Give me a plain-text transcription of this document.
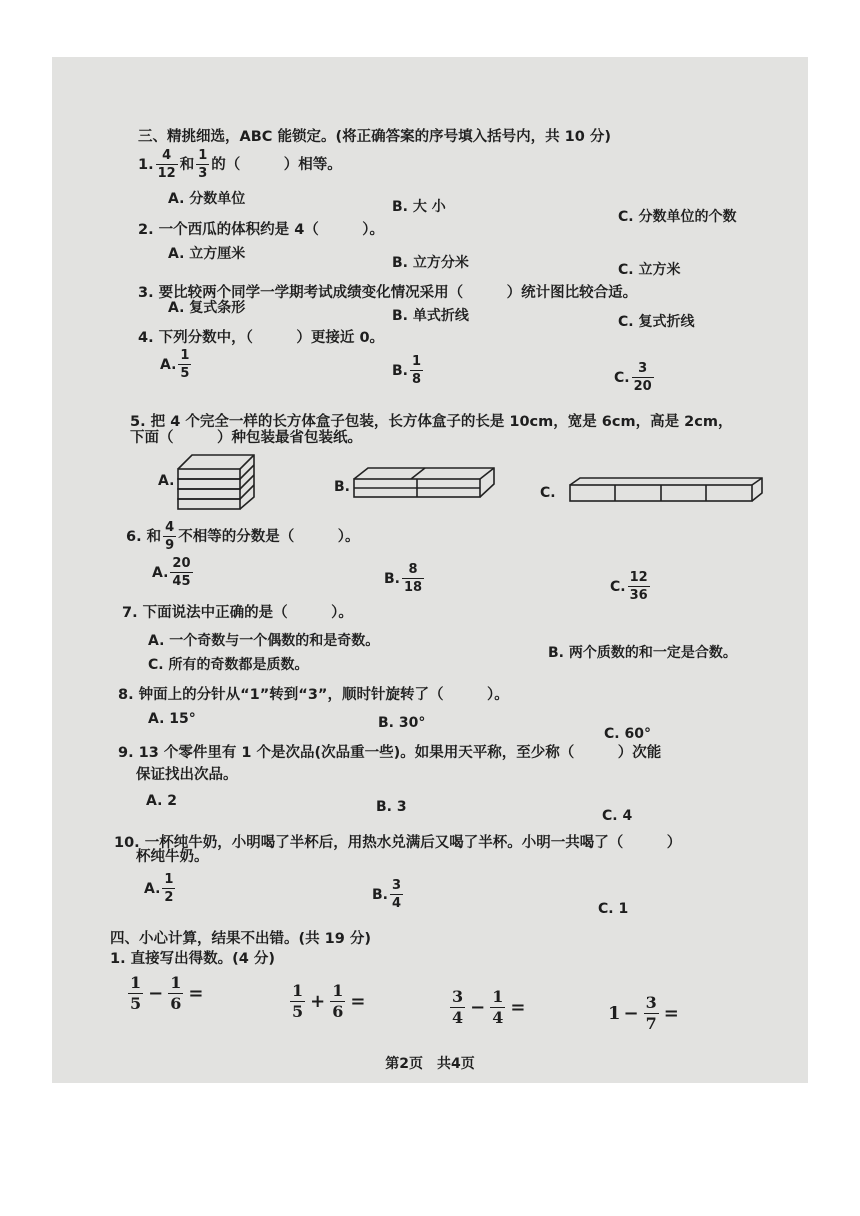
三、精挑细选，ABC 能锁定。(将正确答案的序号填入括号内，共 10 分)
1. $\frac{4}{12}$ 和 $\frac{1}{3}$ 的（　　　）相等。
A. 分数单位	B. 大 小
C. 分数单位的个数
2. 一个西瓜的体积约是 4（　　　）。
A. 立方厘米
B. 立方分米	C. 立方米
3. 要比较两个同学一学期考试成绩变化情况采用（　　　）统计图比较合适。
A. 复式条形	B. 单式折线	C. 复式折线
4. 下列分数中，（　　　）更接近 0。
A. $\frac{1}{5}$	B. $\frac{1}{8}$	C. $\frac{3}{20}$
5. 把 4 个完全一样的长方体盒子包装，长方体盒子的长是 10cm，宽是 6cm，高是 2cm，
下面（　　　）种包装最省包装纸。
A.	B.	C.
6. 和 $\frac{4}{9}$ 不相等的分数是（　　　）。
A. $\frac{20}{45}$	B. $\frac{8}{18}$	C. $\frac{12}{36}$
7. 下面说法中正确的是（　　　）。
A. 一个奇数与一个偶数的和是奇数。
B. 两个质数的和一定是合数。
C. 所有的奇数都是质数。
8. 钟面上的分针从“1”转到“3”，顺时针旋转了（　　　）。
A. 15°	B. 30°
C. 60°
9. 13 个零件里有 1 个是次品(次品重一些)。如果用天平称，至少称（　　　）次能
保证找出次品。
A. 2	B. 3
C. 4
10. 一杯纯牛奶，小明喝了半杯后，用热水兑满后又喝了半杯。小明一共喝了（　　　）
杯纯牛奶。
A. $\frac{1}{2}$	B. $\frac{3}{4}$	C. 1
四、小心计算，结果不出错。(共 19 分)
1. 直接写出得数。(4 分)
$\frac{1}{5} - \frac{1}{6}$ =	$\frac{1}{5} + \frac{1}{6}$ =	$\frac{3}{4} - \frac{1}{4}$ =	$1 - \frac{3}{7}$ =
第2页　共4页
